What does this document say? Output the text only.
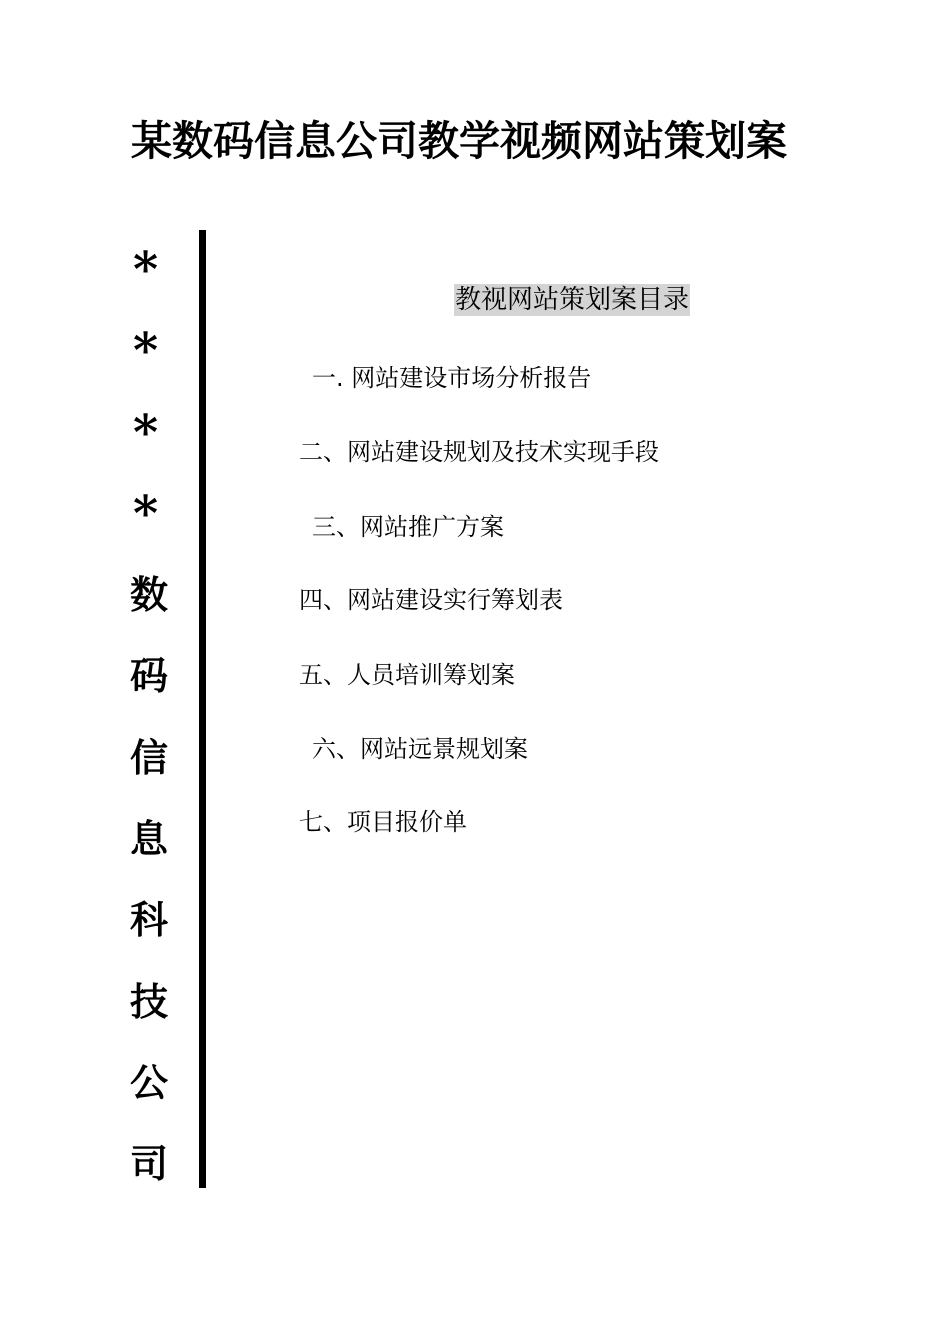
某数码信息公司教学视频网站策划案
*
*
*
*
数
码
信
息
科
技
公
司
教视网站策划案目录
一. 网站建设市场分析报告
二、网站建设规划及技术实现手段
三、网站推广方案
四、网站建设实行筹划表
五、人员培训筹划案
六、网站远景规划案
七、项目报价单
